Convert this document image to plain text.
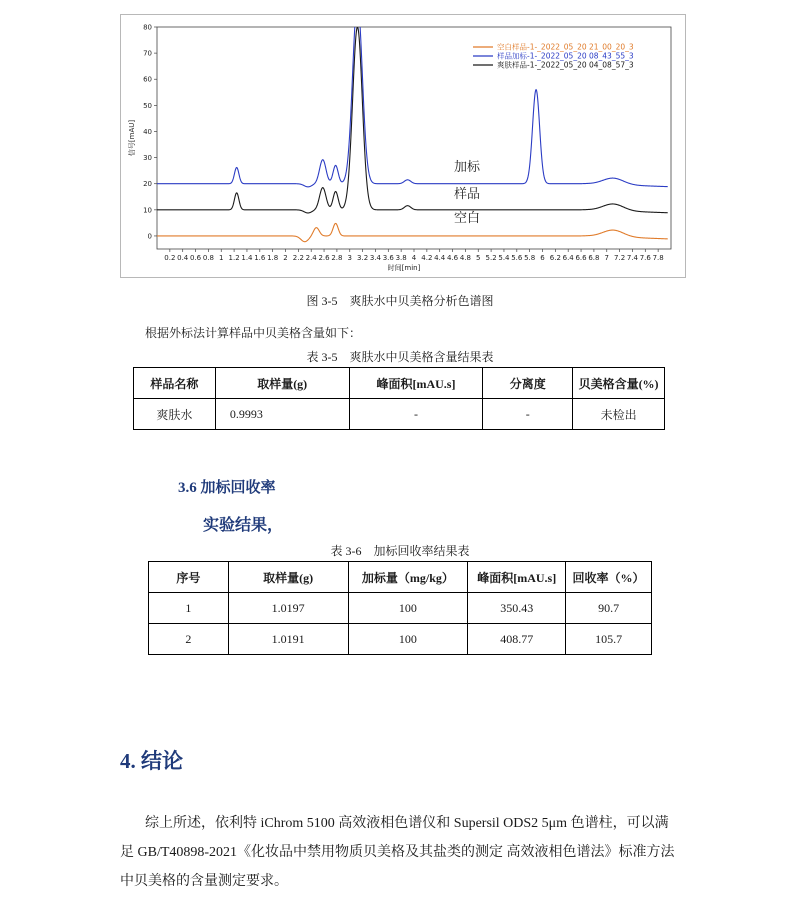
0
10
20
30
40
50
60
70
80
0.2 0.4 0.6 0.8 1 1.2 1.4 1.6 1.8 2 2.2 2.4 2.6 2.8 3 3.2 3.4 3.6 3.8 4 4.2 4.4 4.6 4.8 5 5.2 5.4 5.6 5.8 6 6.2 6.4 6.6 6.8 7 7.2 7.4 7.6 7.8
信号[mAU]
时间[min]
空白样品-1-_2022_05_20 21_00_20_3
样品加标-1-_2022_05_20 08_43_55_3
爽肤样品-1-_2022_05_20 04_08_57_3
加标
样品
空白
图 3-5　爽肤水中贝美格分析色谱图
根据外标法计算样品中贝美格含量如下：
表 3-5　爽肤水中贝美格含量结果表
样品名称	取样量(g)	峰面积[mAU.s]	分离度	贝美格含量(%)
爽肤水	0.9993	-	-	未检出
3.6 加标回收率
实验结果，
表 3-6　加标回收率结果表
序号	取样量(g)	加标量（mg/kg）	峰面积[mAU.s]	回收率（%）
1	1.0197	100	350.43	90.7
2	1.0191	100	408.77	105.7
4. 结论
综上所述，依利特 iChrom 5100 高效液相色谱仪和 Supersil ODS2 5μm 色谱柱，可以满
足 GB/T40898-2021《化妆品中禁用物质贝美格及其盐类的测定 高效液相色谱法》标准方法
中贝美格的含量测定要求。
